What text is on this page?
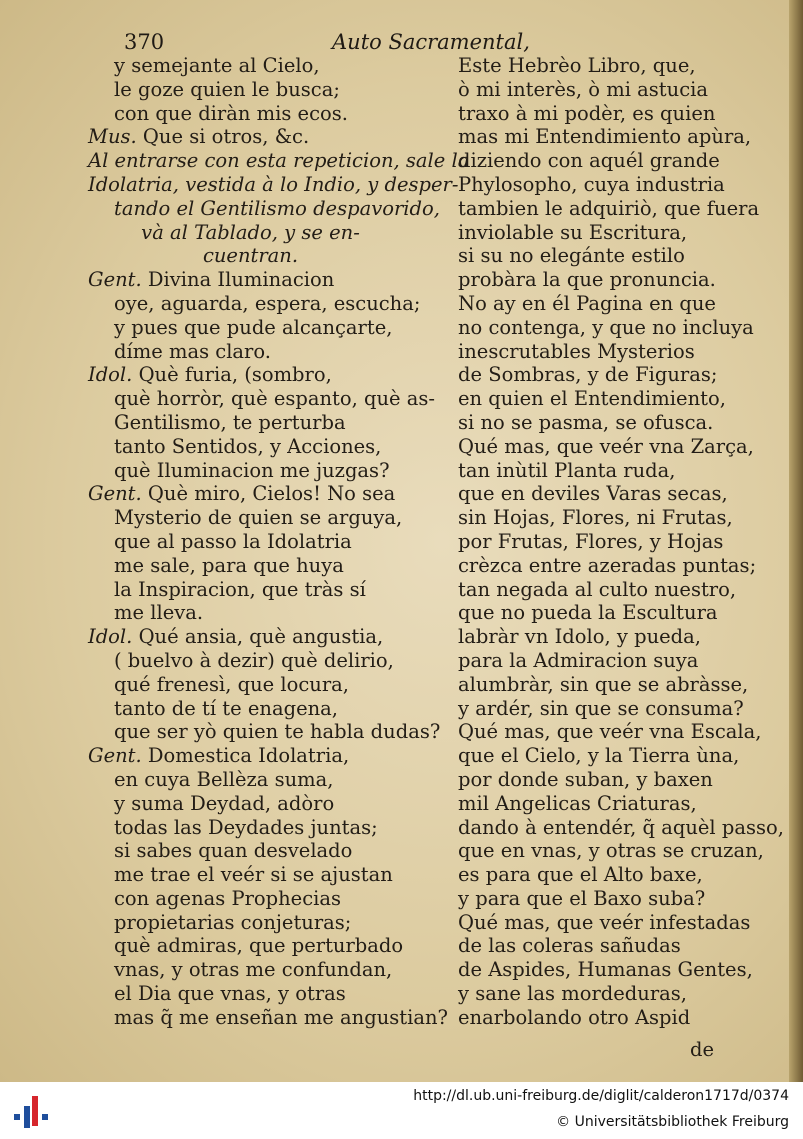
370	Auto Sacramental,
y semejante al Cielo,
le goze quien le busca;
con que diràn mis ecos.
Mus. Que si otros, &c.
Al entrarse con esta repeticion, sale la
Idolatria, vestida à lo Indio, y desper-
tando el Gentilismo despavorido,
và al Tablado, y se en-
cuentran.
Gent. Divina Iluminacion
oye, aguarda, espera, escucha;
y pues que pude alcançarte,
díme mas claro.
Idol. Què furia, (sombro,
què horròr, què espanto, què as-
Gentilismo, te perturba
tanto Sentidos, y Acciones,
què Iluminacion me juzgas?
Gent. Què miro, Cielos! No sea
Mysterio de quien se arguya,
que al passo la Idolatria
me sale, para que huya
la Inspiracion, que tràs sí
me lleva.
Idol. Qué ansia, què angustia,
( buelvo à dezir) què delirio,
qué frenesì, que locura,
tanto de tí te enagena,
que ser yò quien te habla dudas?
Gent. Domestica Idolatria,
en cuya Bellèza suma,
y suma Deydad, adòro
todas las Deydades juntas;
si sabes quan desvelado
me trae el veér si se ajustan
con agenas Prophecias
propietarias conjeturas;
què admiras, que perturbado
vnas, y otras me confundan,
el Dia que vnas, y otras
mas q̃ me enseñan me angustian?
Este Hebrèo Libro, que,
ò mi interès, ò mi astucia
traxo à mi podèr, es quien
mas mi Entendimiento apùra,
diziendo con aquél grande
Phylosopho, cuya industria
tambien le adquiriò, que fuera
inviolable su Escritura,
si su no elegánte estilo
probàra la que pronuncia.
No ay en él Pagina en que
no contenga, y que no incluya
inescrutables Mysterios
de Sombras, y de Figuras;
en quien el Entendimiento,
si no se pasma, se ofusca.
Qué mas, que veér vna Zarça,
tan inùtil Planta ruda,
que en deviles Varas secas,
sin Hojas, Flores, ni Frutas,
por Frutas, Flores, y Hojas
crèzca entre azeradas puntas;
tan negada al culto nuestro,
que no pueda la Escultura
labràr vn Idolo, y pueda,
para la Admiracion suya
alumbràr, sin que se abràsse,
y ardér, sin que se consuma?
Qué mas, que veér vna Escala,
que el Cielo, y la Tierra ùna,
por donde suban, y baxen
mil Angelicas Criaturas,
dando à entendér, q̃ aquèl passo,
que en vnas, y otras se cruzan,
es para que el Alto baxe,
y para que el Baxo suba?
Qué mas, que veér infestadas
de las coleras sañudas
de Aspides, Humanas Gentes,
y sane las mordeduras,
enarbolando otro Aspid
de
http://dl.ub.uni-freiburg.de/diglit/calderon1717d/0374
© Universitätsbibliothek Freiburg
